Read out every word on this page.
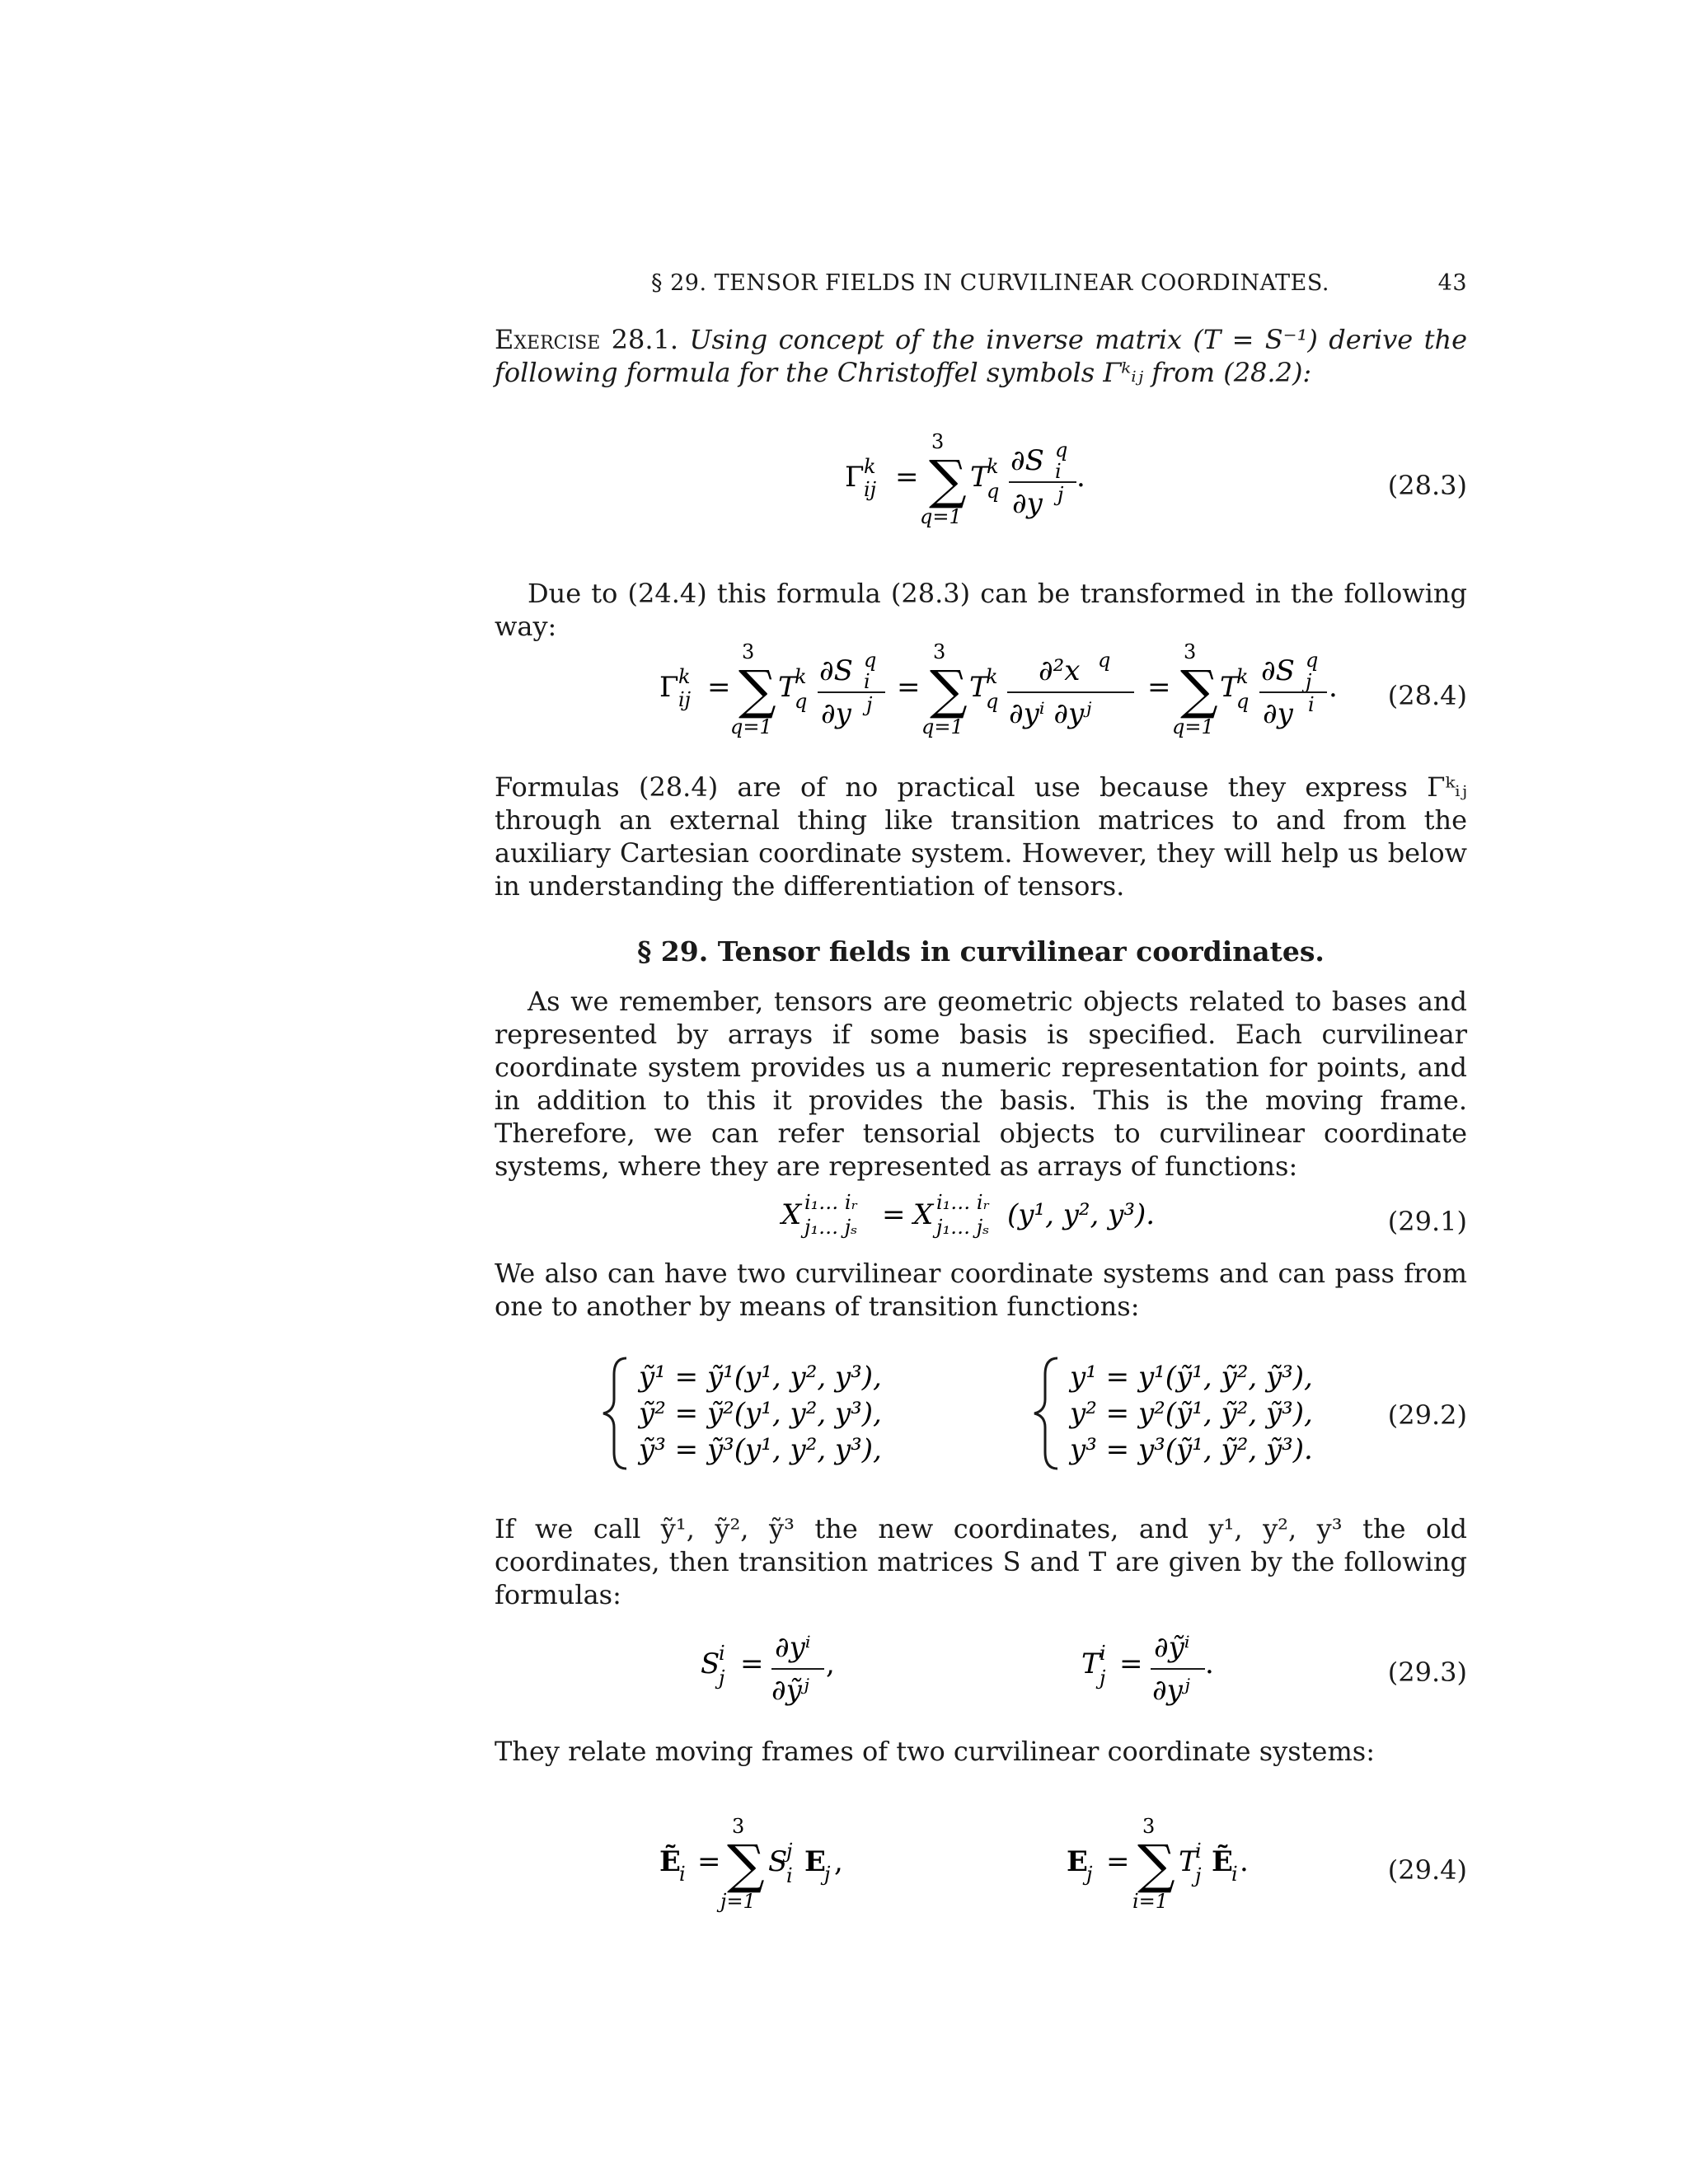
§ 29. TENSOR FIELDS IN CURVILINEAR COORDINATES.	43
Exercise 28.1. Using concept of the inverse matrix (T = S⁻¹) derive the following formula for the Christoffel symbols Γᵏᵢⱼ from (28.2):
Γ k
ij = ∑
3
q=1
T
k
q
∂S q
i
∂y j
.	(28.3)
Due to (24.4) this formula (28.3) can be transformed in the following way:
Γ k
ij = ∑
3
q=1
T
k
q
∂S q
i
∂y j
= ∑
3
q=1
T
k
q
∂²x q
∂yⁱ ∂yʲ
= ∑
3
q=1
T
k
q
∂S q
j
∂y i
. (28.4)
Formulas (28.4) are of no practical use because they express Γᵏᵢⱼ through an external thing like transition matrices to and from the auxiliary Cartesian coordinate system. However, they will help us below in understanding the differentiation of tensors.
§ 29. Tensor fields in curvilinear coordinates.
As we remember, tensors are geometric objects related to bases and represented by arrays if some basis is specified. Each curvilinear coordinate system provides us a numeric representation for points, and in addition to this it provides the basis. This is the moving frame. Therefore, we can refer tensorial objects to curvilinear coordinate systems, where they are represented as arrays of functions:
X i₁… iᵣ
j₁… jₛ = X i₁… iᵣ
j₁… jₛ (y¹, y², y³).	(29.1)
We also can have two curvilinear coordinate systems and can pass from one to another by means of transition functions:
ỹ¹ = ỹ¹(y¹, y², y³),
ỹ² = ỹ²(y¹, y², y³),
ỹ³ = ỹ³(y¹, y², y³),
y¹ = y¹(ỹ¹, ỹ², ỹ³),
y² = y²(ỹ¹, ỹ², ỹ³),
y³ = y³(ỹ¹, ỹ², ỹ³).
(29.2)
If we call ỹ¹, ỹ², ỹ³ the new coordinates, and y¹, y², y³ the old coordinates, then transition matrices S and T are given by the following formulas:
S
i
j = ∂yⁱ
∂ỹʲ
,	T i
j = ∂ỹⁱ
∂yʲ
.	(29.3)
They relate moving frames of two curvilinear coordinate systems:
Ẽ
i = ∑
3
j=1
S
j
i E
j ,	E
j = ∑
3
i=1
T
i
j Ẽ
i .	(29.4)
